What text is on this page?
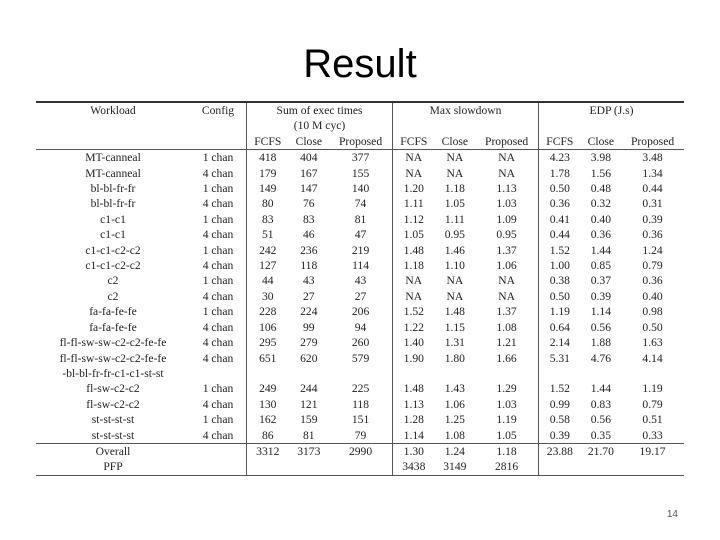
Result
Workload	Config	Sum of exec times			Max slowdown			EDP (J.s)		
		(10 M cyc)								
		FCFS	Close	Proposed	FCFS	Close	Proposed	FCFS	Close	Proposed
MT-canneal	1 chan	418	404	377	NA	NA	NA	4.23	3.98	3.48
MT-canneal	4 chan	179	167	155	NA	NA	NA	1.78	1.56	1.34
bl-bl-fr-fr	1 chan	149	147	140	1.20	1.18	1.13	0.50	0.48	0.44
bl-bl-fr-fr	4 chan	80	76	74	1.11	1.05	1.03	0.36	0.32	0.31
c1-c1	1 chan	83	83	81	1.12	1.11	1.09	0.41	0.40	0.39
c1-c1	4 chan	51	46	47	1.05	0.95	0.95	0.44	0.36	0.36
c1-c1-c2-c2	1 chan	242	236	219	1.48	1.46	1.37	1.52	1.44	1.24
c1-c1-c2-c2	4 chan	127	118	114	1.18	1.10	1.06	1.00	0.85	0.79
c2	1 chan	44	43	43	NA	NA	NA	0.38	0.37	0.36
c2	4 chan	30	27	27	NA	NA	NA	0.50	0.39	0.40
fa-fa-fe-fe	1 chan	228	224	206	1.52	1.48	1.37	1.19	1.14	0.98
fa-fa-fe-fe	4 chan	106	99	94	1.22	1.15	1.08	0.64	0.56	0.50
fl-fl-sw-sw-c2-c2-fe-fe	4 chan	295	279	260	1.40	1.31	1.21	2.14	1.88	1.63
fl-fl-sw-sw-c2-c2-fe-fe	4 chan	651	620	579	1.90	1.80	1.66	5.31	4.76	4.14
-bl-bl-fr-fr-c1-c1-st-st										
fl-sw-c2-c2	1 chan	249	244	225	1.48	1.43	1.29	1.52	1.44	1.19
fl-sw-c2-c2	4 chan	130	121	118	1.13	1.06	1.03	0.99	0.83	0.79
st-st-st-st	1 chan	162	159	151	1.28	1.25	1.19	0.58	0.56	0.51
st-st-st-st	4 chan	86	81	79	1.14	1.08	1.05	0.39	0.35	0.33
Overall		3312	3173	2990	1.30	1.24	1.18	23.88	21.70	19.17
PFP					3438	3149	2816			
14
